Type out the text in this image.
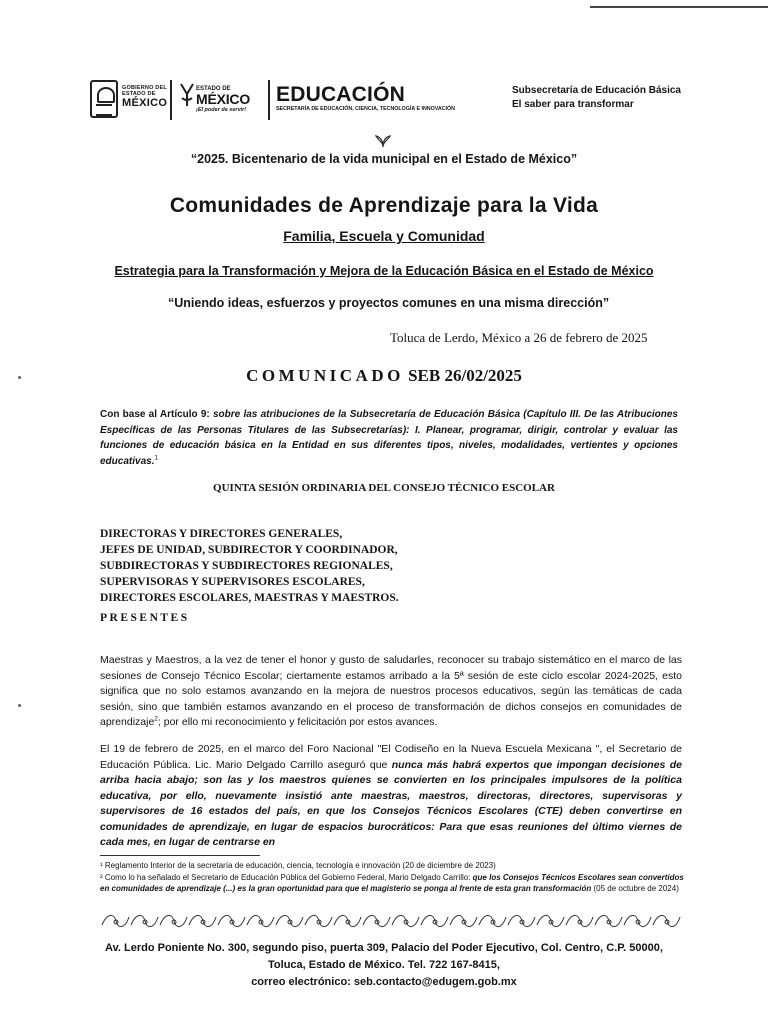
GOBIERNO DEL
ESTADO DE
MÉXICO
ESTADO DE
MÉXICO
¡El poder de servir!
EDUCACIÓN
SECRETARÍA DE EDUCACIÓN, CIENCIA, TECNOLOGÍA E INNOVACIÓN
Subsecretaría de Educación Básica
El saber para transformar
“2025. Bicentenario de la vida municipal en el Estado de México”
Comunidades de Aprendizaje para la Vida
Familia, Escuela y Comunidad
Estrategia para la Transformación y Mejora de la Educación Básica en el Estado de México
“Uniendo ideas, esfuerzos y proyectos comunes en una misma dirección”
Toluca de Lerdo, México a 26 de febrero de 2025
COMUNICADO SEB 26/02/2025
Con base al Artículo 9: sobre las atribuciones de la Subsecretaría de Educación Básica (Capítulo III. De las Atribuciones Específicas de las Personas Titulares de las Subsecretarías): I. Planear, programar, dirigir, controlar y evaluar las funciones de educación básica en la Entidad en sus diferentes tipos, niveles, modalidades, vertientes y opciones educativas.$^1$
QUINTA SESIÓN ORDINARIA DEL CONSEJO TÉCNICO ESCOLAR
DIRECTORAS Y DIRECTORES GENERALES,
JEFES DE UNIDAD, SUBDIRECTOR Y COORDINADOR,
SUBDIRECTORAS Y SUBDIRECTORES REGIONALES,
SUPERVISORAS Y SUPERVISORES ESCOLARES,
DIRECTORES ESCOLARES, MAESTRAS Y MAESTROS.
PRESENTES
Maestras y Maestros, a la vez de tener el honor y gusto de saludarles, reconocer su trabajo sistemático en el marco de las sesiones de Consejo Técnico Escolar; ciertamente estamos arribado a la 5ª sesión de este ciclo escolar 2024-2025, esto significa que no solo estamos avanzando en la mejora de nuestros procesos educativos, según las temáticas de cada sesión, sino que también estamos avanzando en el proceso de transformación de dichos consejos en comunidades de aprendizaje$^2$; por ello mi reconocimiento y felicitación por estos avances.
El 19 de febrero de 2025, en el marco del Foro Nacional "El Codiseño en la Nueva Escuela Mexicana ", el Secretario de Educación Pública. Lic. Mario Delgado Carrillo aseguró que nunca más habrá expertos que impongan decisiones de arriba hacia abajo; son las y los maestros quienes se convierten en los principales impulsores de la política educativa, por ello, nuevamente insistió ante maestras, maestros, directoras, directores, supervisoras y supervisores de 16 estados del país, en que los Consejos Técnicos Escolares (CTE) deben convertirse en comunidades de aprendizaje, en lugar de espacios burocráticos: Para que esas reuniones del último viernes de cada mes, en lugar de centrarse en
¹ Reglamento Interior de la secretaría de educación, ciencia, tecnología e innovación (20 de diciembre de 2023)
² Como lo ha señalado el Secretario de Educación Pública del Gobierno Federal, Mario Delgado Carrillo: que los Consejos Técnicos Escolares sean convertidos en comunidades de aprendizaje (...) es la gran oportunidad para que el magisterio se ponga al frente de esta gran transformación (05 de octubre de 2024)
Av. Lerdo Poniente No. 300, segundo piso, puerta 309, Palacio del Poder Ejecutivo, Col. Centro, C.P. 50000,
Toluca, Estado de México. Tel. 722 167-8415,
correo electrónico: seb.contacto@edugem.gob.mx
